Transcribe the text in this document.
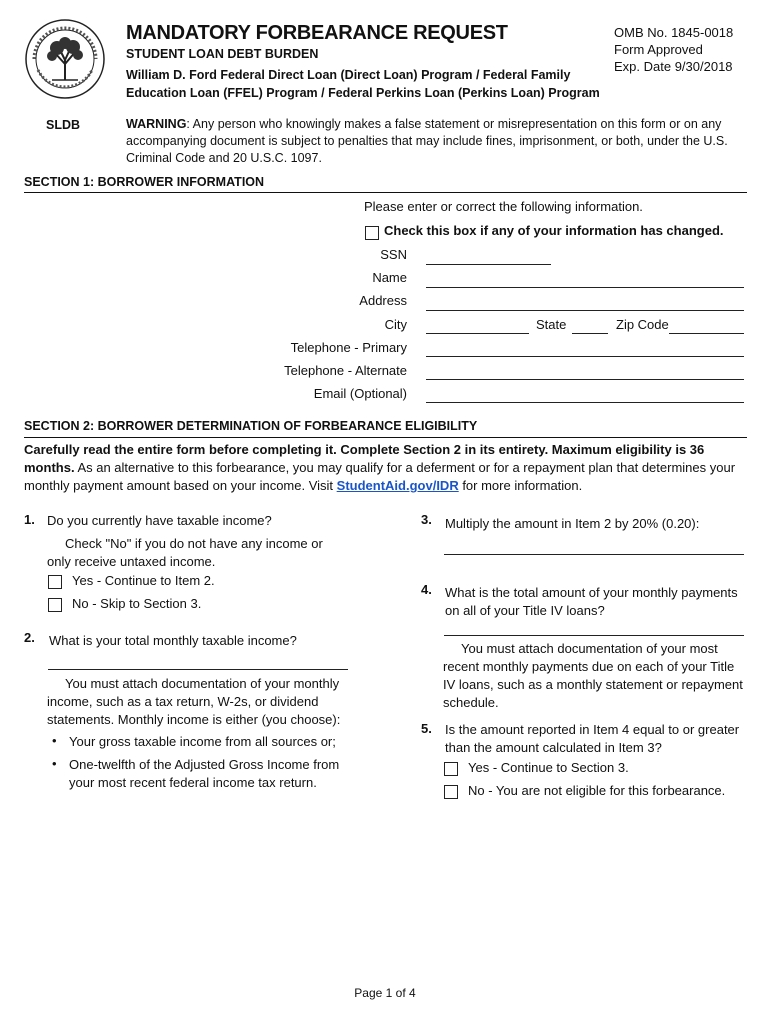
MANDATORY FORBEARANCE REQUEST
STUDENT LOAN DEBT BURDEN
William D. Ford Federal Direct Loan (Direct Loan) Program / Federal Family
Education Loan (FFEL) Program / Federal Perkins Loan (Perkins Loan) Program
OMB No. 1845-0018
Form Approved
Exp. Date 9/30/2018
SLDB	WARNING: Any person who knowingly makes a false statement or misrepresentation on this form or on any accompanying document is subject to penalties that may include fines, imprisonment, or both, under the U.S. Criminal Code and 20 U.S.C. 1097.
SECTION 1: BORROWER INFORMATION
Please enter or correct the following information.
Check this box if any of your information has changed.
SSN
Name
Address
City	State	Zip Code
Telephone - Primary
Telephone - Alternate
Email (Optional)
SECTION 2: BORROWER DETERMINATION OF FORBEARANCE ELIGIBILITY
Carefully read the entire form before completing it. Complete Section 2 in its entirety. Maximum eligibility is 36 months. As an alternative to this forbearance, you may qualify for a deferment or for a repayment plan that determines your monthly payment amount based on your income. Visit StudentAid.gov/IDR for more information.
1. Do you currently have taxable income?
Check "No" if you do not have any income or only receive untaxed income.
Yes - Continue to Item 2.
No - Skip to Section 3.
2. What is your total monthly taxable income?
You must attach documentation of your monthly income, such as a tax return, W-2s, or dividend statements. Monthly income is either (you choose):
• Your gross taxable income from all sources or;
• One-twelfth of the Adjusted Gross Income from your most recent federal income tax return.
3. Multiply the amount in Item 2 by 20% (0.20):
4. What is the total amount of your monthly payments on all of your Title IV loans?
You must attach documentation of your most recent monthly payments due on each of your Title IV loans, such as a monthly statement or repayment schedule.
5. Is the amount reported in Item 4 equal to or greater than the amount calculated in Item 3?
Yes - Continue to Section 3.
No - You are not eligible for this forbearance.
Page 1 of 4
